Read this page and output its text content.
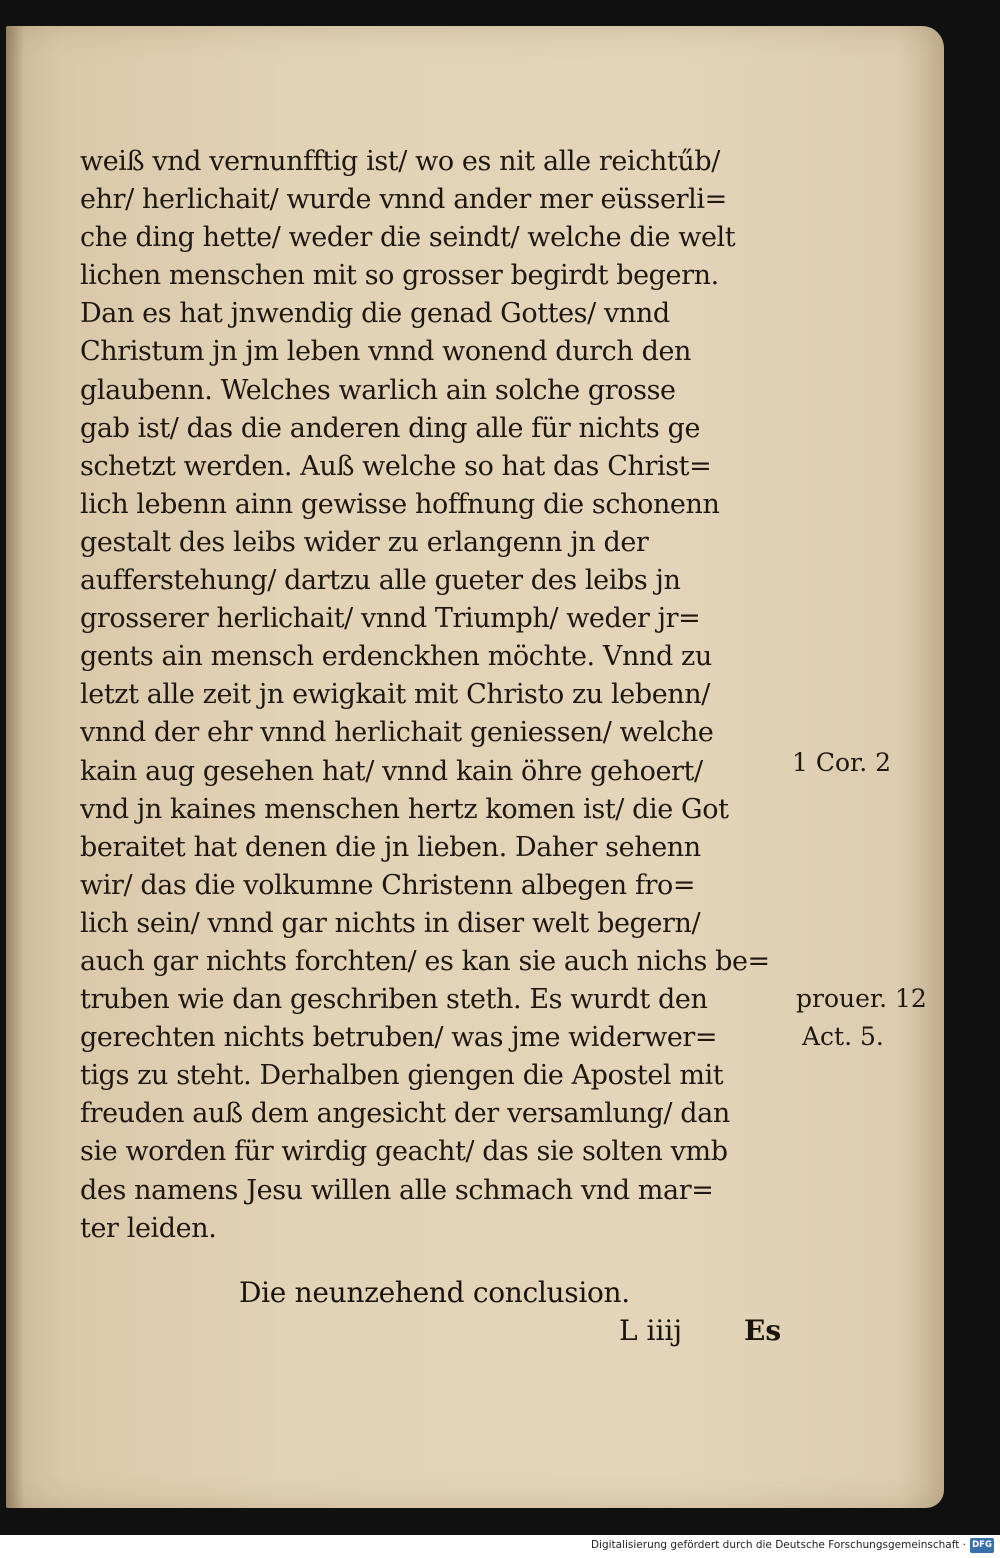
weiß vnd vernunfftig ist/ wo es nit alle reichtűb/
ehr/ herlichait/ wurde vnnd ander mer eüsserli=
che ding hette/ weder die seindt/ welche die welt
lichen menschen mit so grosser begirdt begern.
Dan es hat jnwendig die genad Gottes/ vnnd
Christum jn jm leben vnnd wonend durch den
glaubenn. Welches warlich ain solche grosse
gab ist/ das die anderen ding alle für nichts ge
schetzt werden. Auß welche so hat das Christ=
lich lebenn ainn gewisse hoffnung die schonenn
gestalt des leibs wider zu erlangenn jn der
aufferstehung/ dartzu alle gueter des leibs jn
grosserer herlichait/ vnnd Triumph/ weder jr=
gents ain mensch erdenckhen möchte. Vnnd zu
letzt alle zeit jn ewigkait mit Christo zu lebenn/
vnnd der ehr vnnd herlichait geniessen/ welche
kain aug gesehen hat/ vnnd kain öhre gehoert/
vnd jn kaines menschen hertz komen ist/ die Got
beraitet hat denen die jn lieben. Daher sehenn
wir/ das die volkumne Christenn albegen fro=
lich sein/ vnnd gar nichts in diser welt begern/
auch gar nichts forchten/ es kan sie auch nichs be=
truben wie dan geschriben steth. Es wurdt den
gerechten nichts betruben/ was jme widerwer=
tigs zu steht. Derhalben giengen die Apostel mit
freuden auß dem angesicht der versamlung/ dan
sie worden für wirdig geacht/ das sie solten vmb
des namens Jesu willen alle schmach vnd mar=
ter leiden.
1 Cor. 2
prouer. 12
Act. 5.
Die neunzehend conclusion.
L iiij Es
Digitalisierung gefördert durch die Deutsche Forschungsgemeinschaft · DFG
